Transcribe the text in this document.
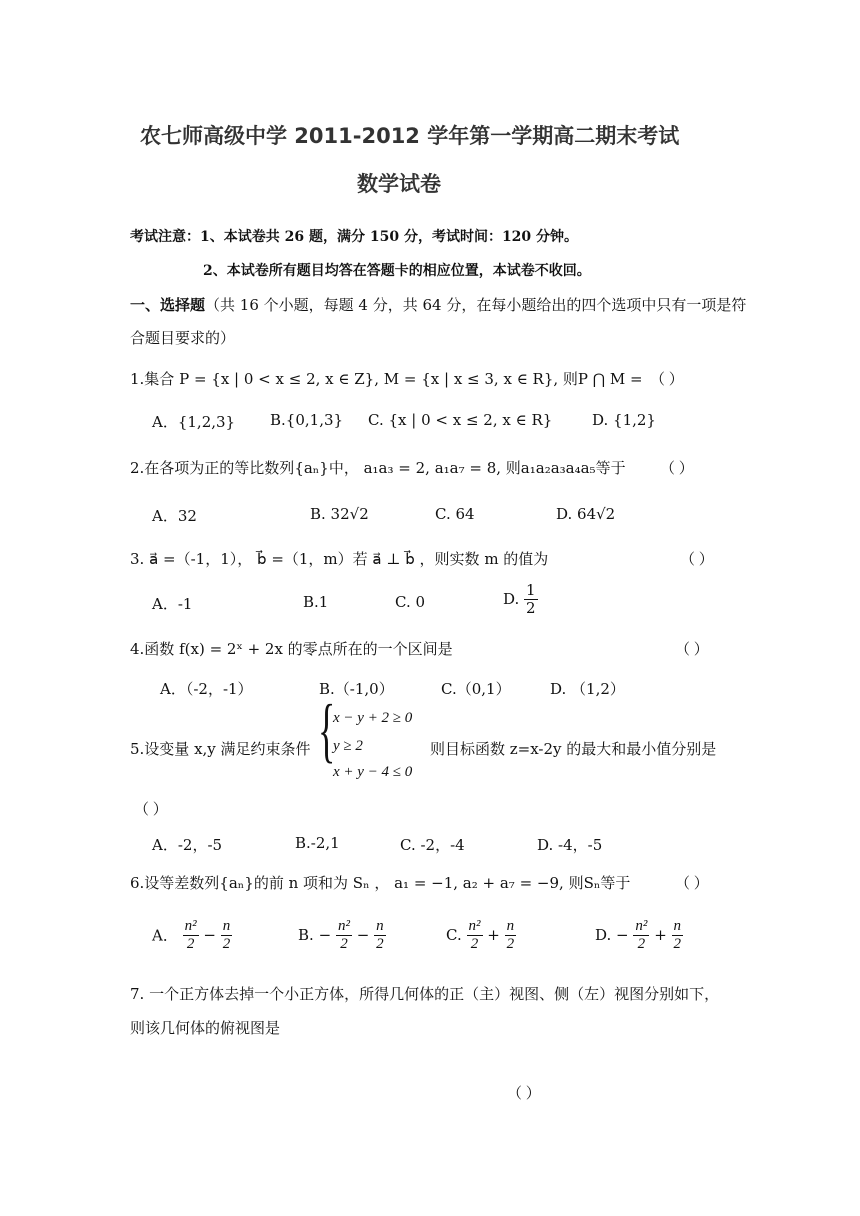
农七师高级中学 2011-2012 学年第一学期高二期末考试
数学试卷
考试注意：1、本试卷共 26 题，满分 150 分，考试时间：120 分钟。
2、本试卷所有题目均答在答题卡的相应位置，本试卷不收回。
一、选择题（共 16 个小题，每题 4 分，共 64 分，在每小题给出的四个选项中只有一项是符
合题目要求的）
1.集合 P = {x | 0 < x ≤ 2, x ∈ Z}, M = {x | x ≤ 3, x ∈ R}, 则P ⋂ M = （ ）
A．{1,2,3} B.{0,1,3} C. {x | 0 < x ≤ 2, x ∈ R}	D. {1,2}
2.在各项为正的等比数列{aₙ}中， a₁a₃ = 2, a₁a₇ = 8, 则a₁a₂a₃a₄a₅等于 （ ）
A．32	B. 32√2	C. 64	D. 64√2
3. a⃗ =（-1，1）， b⃗ =（1，m）若 a⃗ ⊥ b⃗ ，则实数 m 的值为	（ ）
A．-1	B.1	C. 0	D. $\frac{1}{2}$
4.函数 f(x) = 2ˣ + 2x 的零点所在的一个区间是	（ ）
A．（-2，-1）	B.（-1,0）	C.（0,1）	D. （1,2）
5.设变量 x,y 满足约束条件 {
x − y + 2 ≥ 0
y ≥ 2
x + y − 4 ≤ 0
则目标函数 z=x-2y 的最大和最小值分别是
（ ）
A．-2，-5	B.-2,1	C. -2，-4	D. -4，-5
6.设等差数列{aₙ}的前 n 项和为 Sₙ ， a₁ = −1, a₂ + a₇ = −9, 则Sₙ等于	（ ）
A． $\frac{\text{n²}}{2} - \frac{n}{2}$	B. − $\frac{\text{n²}}{2} - \frac{n}{2}$	C. $\frac{\text{n²}}{2} + \frac{n}{2}$	D. − $\frac{\text{n²}}{2} + \frac{n}{2}$
7. 一个正方体去掉一个小正方体，所得几何体的正（主）视图、侧（左）视图分别如下，
则该几何体的俯视图是
（ ）
